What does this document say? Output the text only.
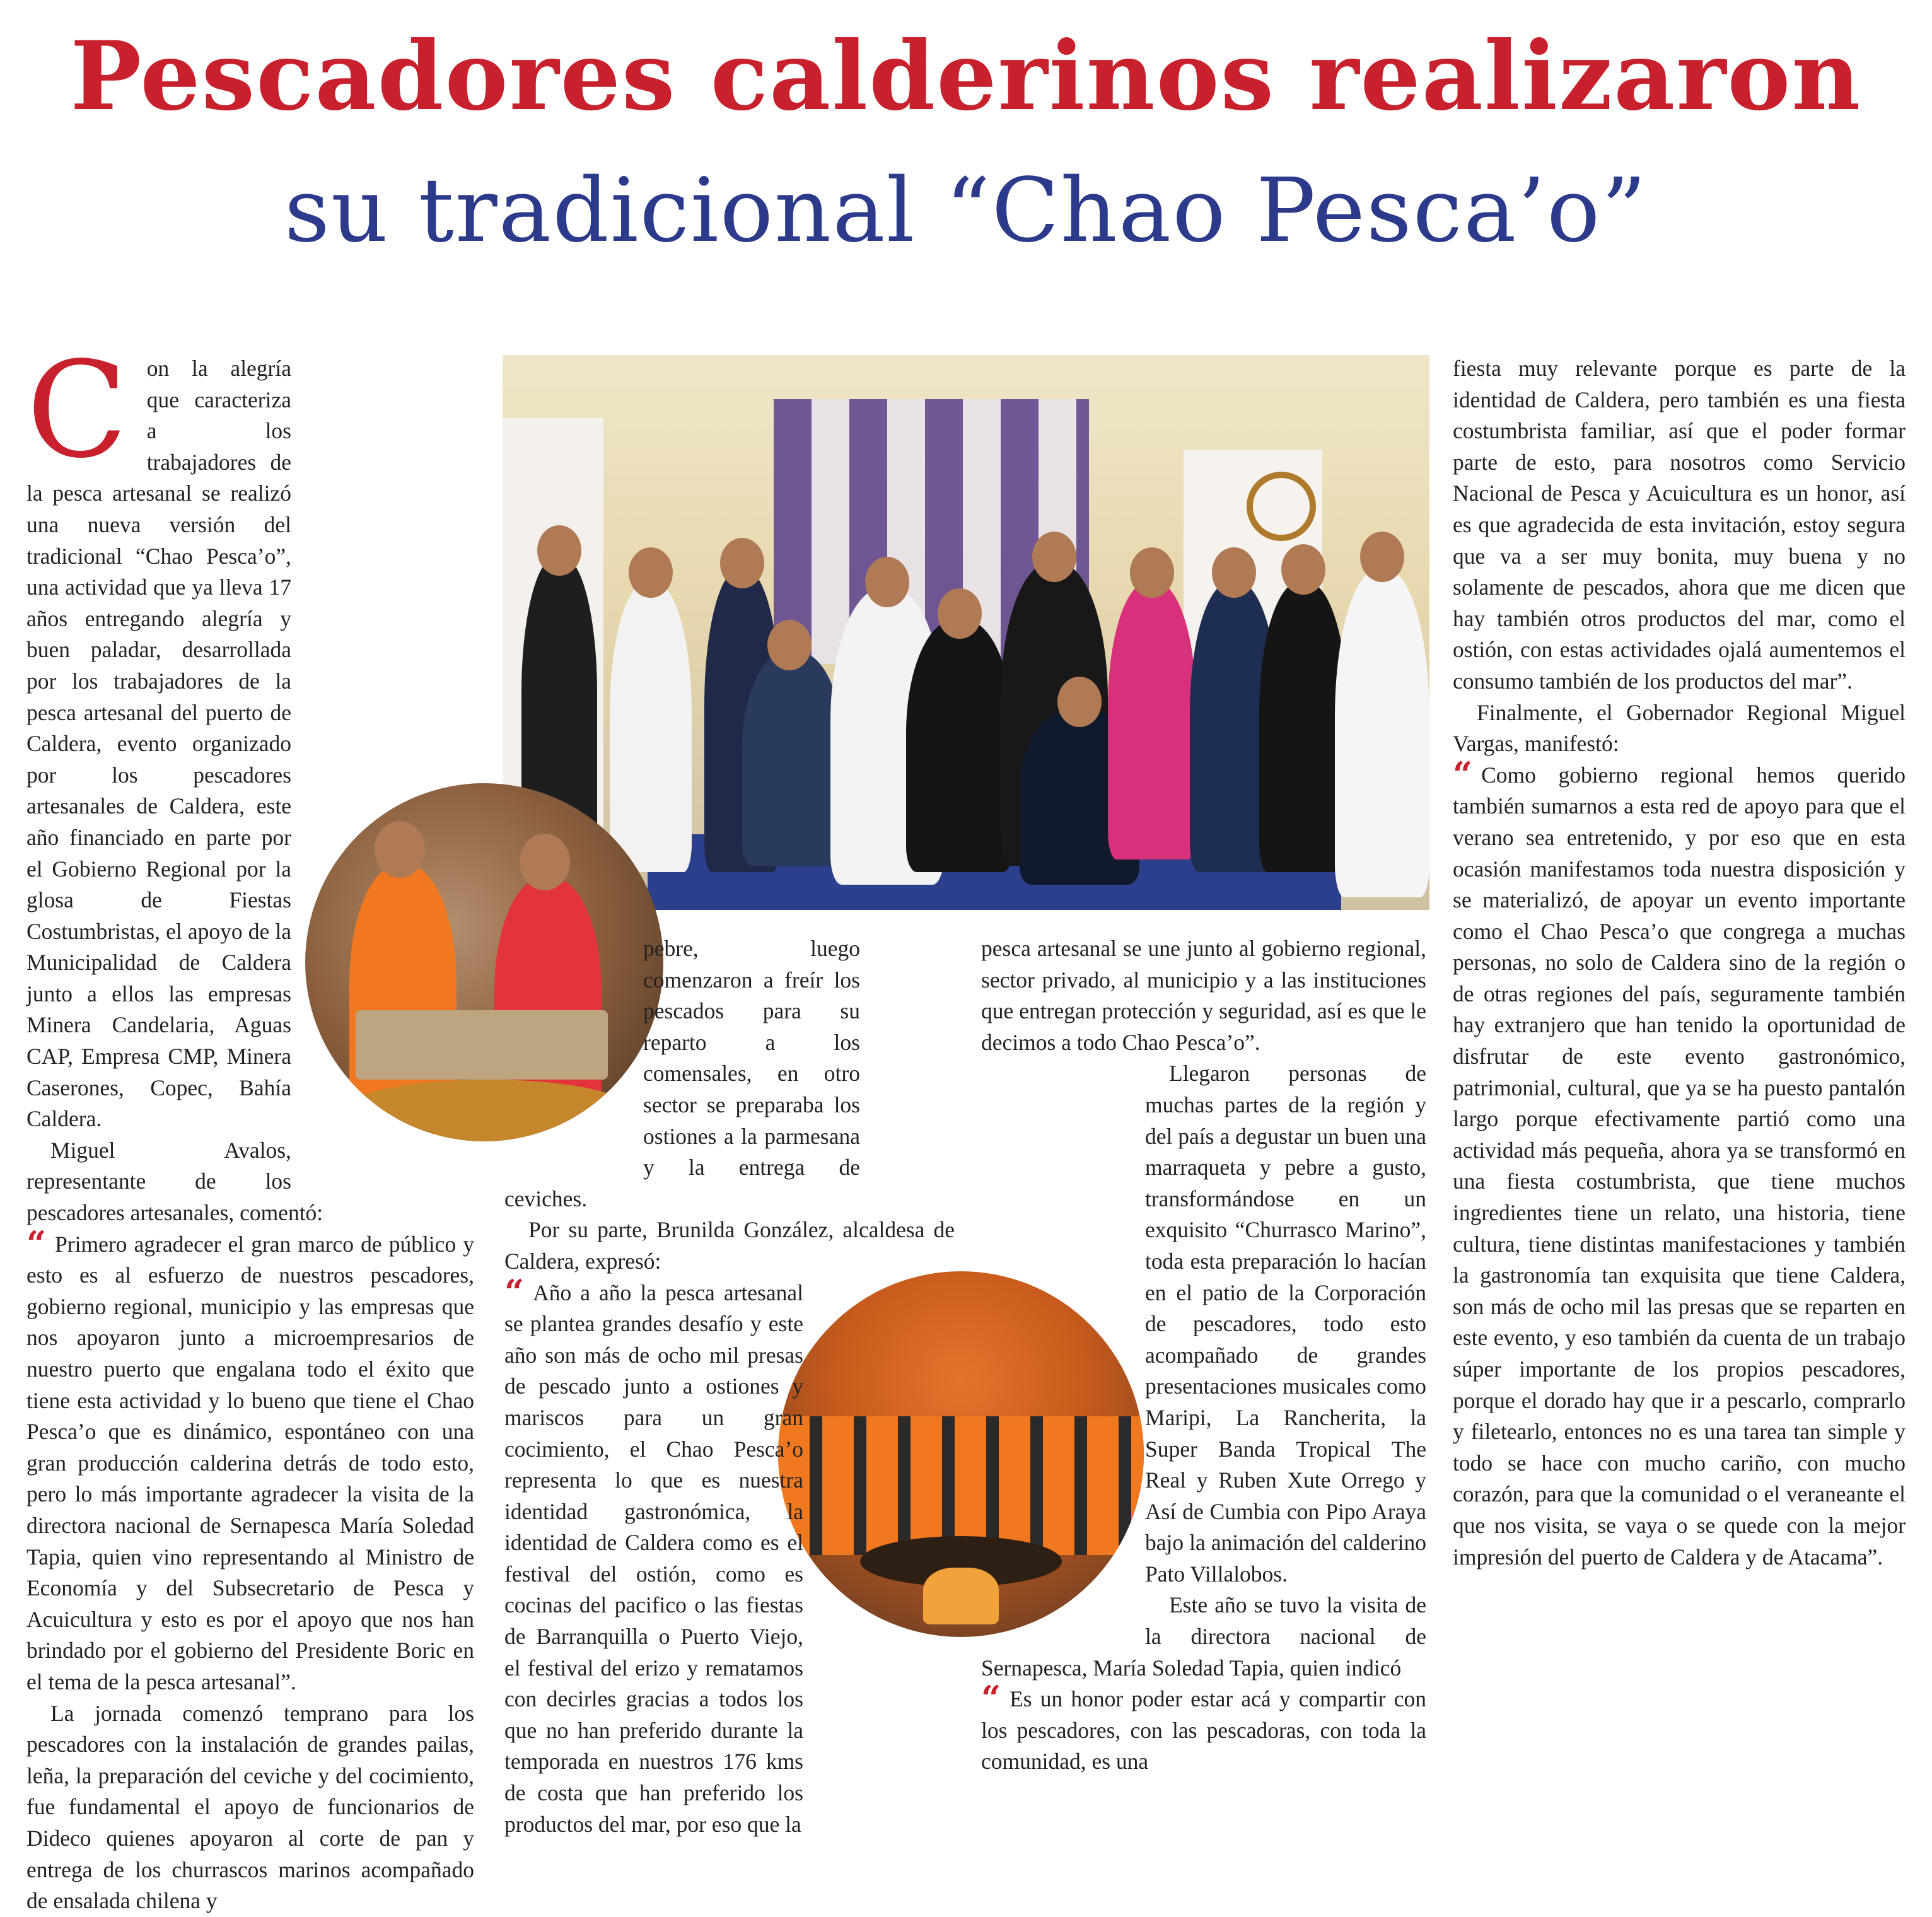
Pescadores calderinos realizaron
su tradicional “Chao Pesca’o”
C on la alegría que caracteriza a los trabajadores de la pesca artesanal se realizó una nueva versión del tradicional “Chao Pesca’o”, una actividad que ya lleva 17 años entregando alegría y buen paladar, desarrollada por los trabajadores de la pesca artesanal del puerto de Caldera, evento organizado por los pescadores artesanales de Caldera, este año financiado en parte por el Gobierno Regional por la glosa de Fiestas Costumbristas, el apoyo de la Municipalidad de Caldera junto a ellos las empresas Minera Candelaria, Aguas CAP, Empresa CMP, Minera Caserones, Copec, Bahía Caldera.

Miguel Avalos, representante de los pescadores artesanales, comentó:

“ Primero agradecer el gran marco de público y esto es al esfuerzo de nuestros pescadores, gobierno regional, municipio y las empresas que nos apoyaron junto a microempresarios de nuestro puerto que engalana todo el éxito que tiene esta actividad y lo bueno que tiene el Chao Pesca’o que es dinámico, espontáneo con una gran producción calderina detrás de todo esto, pero lo más importante agradecer la visita de la directora nacional de Sernapesca María Soledad Tapia, quien vino representando al Ministro de Economía y del Subsecretario de Pesca y Acuicultura y esto es por el apoyo que nos han brindado por el gobierno del Presidente Boric en el tema de la pesca artesanal”.

La jornada comenzó temprano para los pescadores con la instalación de grandes pailas, leña, la preparación del ceviche y del cocimiento, fue fundamental el apoyo de funcionarios de Dideco quienes apoyaron al corte de pan y entrega de los churrascos marinos acompañado de ensalada chilena y

pebre, luego comenzaron a freír los pescados para su reparto a los comensales, en otro sector se preparaba los ostiones a la parmesana y la entrega de ceviches.

Por su parte, Brunilda González, alcaldesa de Caldera, expresó:

“ Año a año la pesca artesanal se plantea grandes desafío y este año son más de ocho mil presas de pescado junto a ostiones y mariscos para un gran cocimiento, el Chao Pesca’o representa lo que es nuestra identidad gastronómica, la identidad de Caldera como es el festival del ostión, como es cocinas del pacifico o las fiestas de Barranquilla o Puerto Viejo, el festival del erizo y rematamos con decirles gracias a todos los que no han preferido durante la temporada en nuestros 176 kms de costa que han preferido los productos del mar, por eso que la

pesca artesanal se une junto al gobierno regional, sector privado, al municipio y a las instituciones que entregan protección y seguridad, así es que le decimos a todo Chao Pesca’o”.

Llegaron personas de muchas partes de la región y del país a degustar un buen una marraqueta y pebre a gusto, transformándose en un exquisito “Churrasco Marino”, toda esta preparación lo hacían en el patio de la Corporación de pescadores, todo esto acompañado de grandes presentaciones musicales como Maripi, La Rancherita, la Super Banda Tropical The Real y Ruben Xute Orrego y Así de Cumbia con Pipo Araya bajo la animación del calderino Pato Villalobos.

Este año se tuvo la visita de la directora nacional de Sernapesca, María Soledad Tapia, quien indicó

“ Es un honor poder estar acá y compartir con los pescadores, con las pescadoras, con toda la comunidad, es una

fiesta muy relevante porque es parte de la identidad de Caldera, pero también es una fiesta costumbrista familiar, así que el poder formar parte de esto, para nosotros como Servicio Nacional de Pesca y Acuicultura es un honor, así es que agradecida de esta invitación, estoy segura que va a ser muy bonita, muy buena y no solamente de pescados, ahora que me dicen que hay también otros productos del mar, como el ostión, con estas actividades ojalá aumentemos el consumo también de los productos del mar”.

Finalmente, el Gobernador Regional Miguel Vargas, manifestó:

“ Como gobierno regional hemos querido también sumarnos a esta red de apoyo para que el verano sea entretenido, y por eso que en esta ocasión manifestamos toda nuestra disposición y se materializó, de apoyar un evento importante como el Chao Pesca’o que congrega a muchas personas, no solo de Caldera sino de la región o de otras regiones del país, seguramente también hay extranjero que han tenido la oportunidad de disfrutar de este evento gastronómico, patrimonial, cultural, que ya se ha puesto pantalón largo porque efectivamente partió como una actividad más pequeña, ahora ya se transformó en una fiesta costumbrista, que tiene muchos ingredientes tiene un relato, una historia, tiene cultura, tiene distintas manifestaciones y también la gastronomía tan exquisita que tiene Caldera, son más de ocho mil las presas que se reparten en este evento, y eso también da cuenta de un trabajo súper importante de los propios pescadores, porque el dorado hay que ir a pescarlo, comprarlo y filetearlo, entonces no es una tarea tan simple y todo se hace con mucho cariño, con mucho corazón, para que la comunidad o el veraneante el que nos visita, se vaya o se quede con la mejor impresión del puerto de Caldera y de Atacama”.
